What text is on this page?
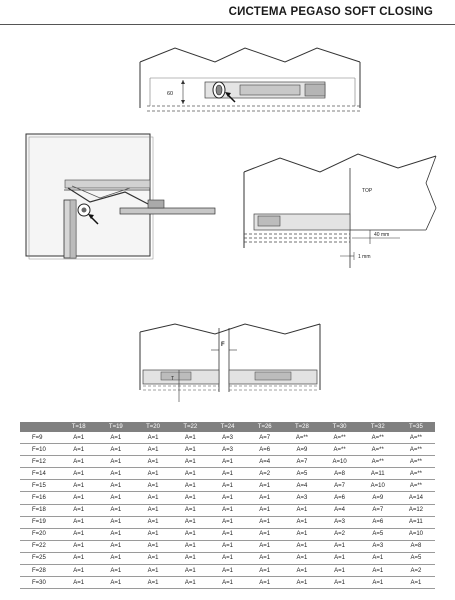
СИСТЕМА PEGASO SOFT CLOSING
60
TOP
40 mm
1 mm
F
T
	T=18	T=19	T=20	T=22	T=24	T=26	T=28	T=30	T=32	T=35
F=9	A=1	A=1	A=1	A=1	A=3	A=7	A=**	A=**	A=**	A=**
F=10	A=1	A=1	A=1	A=1	A=3	A=6	A=9	A=**	A=**	A=**
F=12	A=1	A=1	A=1	A=1	A=1	A=4	A=7	A=10	A=**	A=**
F=14	A=1	A=1	A=1	A=1	A=1	A=2	A=5	A=8	A=11	A=**
F=15	A=1	A=1	A=1	A=1	A=1	A=1	A=4	A=7	A=10	A=**
F=16	A=1	A=1	A=1	A=1	A=1	A=1	A=3	A=6	A=9	A=14
F=18	A=1	A=1	A=1	A=1	A=1	A=1	A=1	A=4	A=7	A=12
F=19	A=1	A=1	A=1	A=1	A=1	A=1	A=1	A=3	A=6	A=11
F=20	A=1	A=1	A=1	A=1	A=1	A=1	A=1	A=2	A=5	A=10
F=22	A=1	A=1	A=1	A=1	A=1	A=1	A=1	A=1	A=3	A=8
F=25	A=1	A=1	A=1	A=1	A=1	A=1	A=1	A=1	A=1	A=5
F=28	A=1	A=1	A=1	A=1	A=1	A=1	A=1	A=1	A=1	A=2
F=30	A=1	A=1	A=1	A=1	A=1	A=1	A=1	A=1	A=1	A=1
